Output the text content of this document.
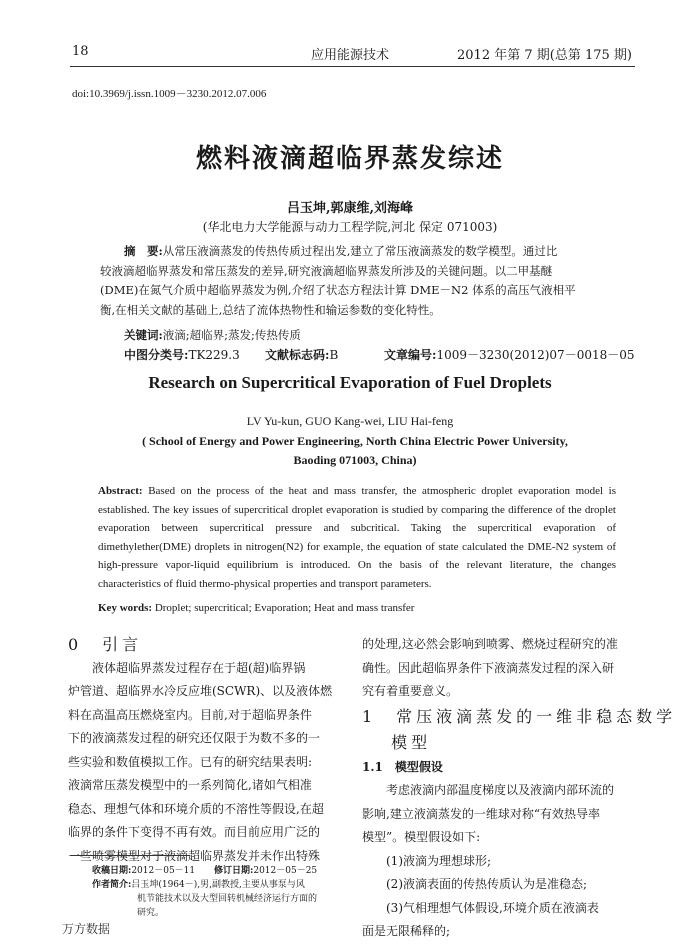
18	应用能源技术	2012 年第 7 期(总第 175 期)
doi:10.3969/j.issn.1009－3230.2012.07.006
燃料液滴超临界蒸发综述
吕玉坤,郭康维,刘海峰
(华北电力大学能源与动力工程学院,河北 保定 071003)
摘　要:从常压液滴蒸发的传热传质过程出发,建立了常压液滴蒸发的数学模型。通过比
较液滴超临界蒸发和常压蒸发的差异,研究液滴超临界蒸发所涉及的关键问题。以二甲基醚
(DME)在氮气介质中超临界蒸发为例,介绍了状态方程法计算 DME－N2 体系的高压气液相平
衡,在相关文献的基础上,总结了流体热物性和输运参数的变化特性。
关键词:液滴;超临界;蒸发;传热传质
中图分类号:TK229.3 文献标志码:B	文章编号:1009－3230(2012)07－0018－05
Research on Supercritical Evaporation of Fuel Droplets
LV Yu-kun, GUO Kang-wei, LIU Hai-feng
( School of Energy and Power Engineering, North China Electric Power University,
Baoding 071003, China)
Abstract: Based on the process of the heat and mass transfer, the atmospheric droplet evaporation model is established. The key issues of supercritical droplet evaporation is studied by comparing the difference of the droplet evaporation between supercritical pressure and subcritical. Taking the supercritical evaporation of dimethylether(DME) droplets in nitrogen(N2) for example, the equation of state calculated the DME-N2 system of high-pressure vapor-liquid equilibrium is introduced. On the basis of the relevant literature, the changes characteristics of fluid thermo-physical properties and transport parameters.
Key words: Droplet; supercritical; Evaporation; Heat and mass transfer

0　引言

　　液体超临界蒸发过程存在于超(超)临界锅

炉管道、超临界水冷反应堆(SCWR)、以及液体燃

料在高温高压燃烧室内。目前,对于超临界条件

下的液滴蒸发过程的研究还仅限于为数不多的一

些实验和数值模拟工作。已有的研究结果表明:

液滴常压蒸发模型中的一系列简化,诸如气相准

稳态、理想气体和环境介质的不溶性等假设,在超

临界的条件下变得不再有效。而目前应用广泛的

一些喷雾模型对于液滴超临界蒸发并未作出特殊

的处理,这必然会影响到喷雾、燃烧过程研究的准

确性。因此超临界条件下液滴蒸发过程的深入研

究有着重要意义。

1　常压液滴蒸发的一维非稳态数学

　 模型

1.1　模型假设

　　考虑液滴内部温度梯度以及液滴内部环流的

影响,建立液滴蒸发的一维球对称“有效热导率

模型”。模型假设如下:

　　(1)液滴为理想球形;

　　(2)液滴表面的传热传质认为是准稳态;

　　(3)气相理想气体假设,环境介质在液滴表

面是无限稀释的;

收稿日期:2012－05－11 修订日期:2012－05－25
作者简介:吕玉坤(1964－),男,副教授,主要从事泵与风
机节能技术以及大型回转机械经济运行方面的
研究。
万方数据
